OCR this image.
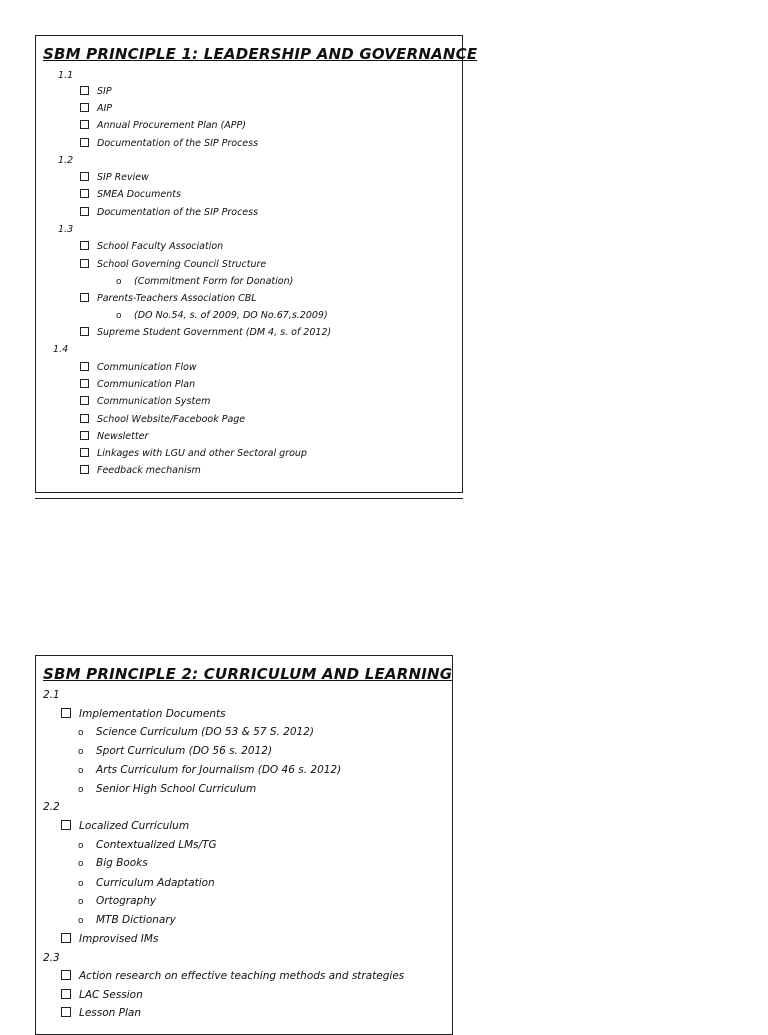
SBM PRINCIPLE 1: LEADERSHIP AND GOVERNANCE
1.1
SIP
AIP
Annual Procurement Plan (APP)
Documentation of the SIP Process
1.2
SIP Review
SMEA Documents
Documentation of the SIP Process
1.3
School Faculty Association
School Governing Council Structure
o (Commitment Form for Donation)
Parents-Teachers Association CBL
o (DO No.54, s. of 2009, DO No.67,s.2009)
Supreme Student Government (DM 4, s. of 2012)
1.4
Communication Flow
Communication Plan
Communication System
School Website/Facebook Page
Newsletter
Linkages with LGU and other Sectoral group
Feedback mechanism
SBM PRINCIPLE 2: CURRICULUM AND LEARNING
2.1
Implementation Documents
o Science Curriculum (DO 53 & 57 S. 2012)
o Sport Curriculum (DO 56 s. 2012)
o Arts Curriculum for Journalism (DO 46 s. 2012)
o Senior High School Curriculum
2.2
Localized Curriculum
o Contextualized LMs/TG
o Big Books
o Curriculum Adaptation
o Ortography
o MTB Dictionary
Improvised IMs
2.3
Action research on effective teaching methods and strategies
LAC Session
Lesson Plan
